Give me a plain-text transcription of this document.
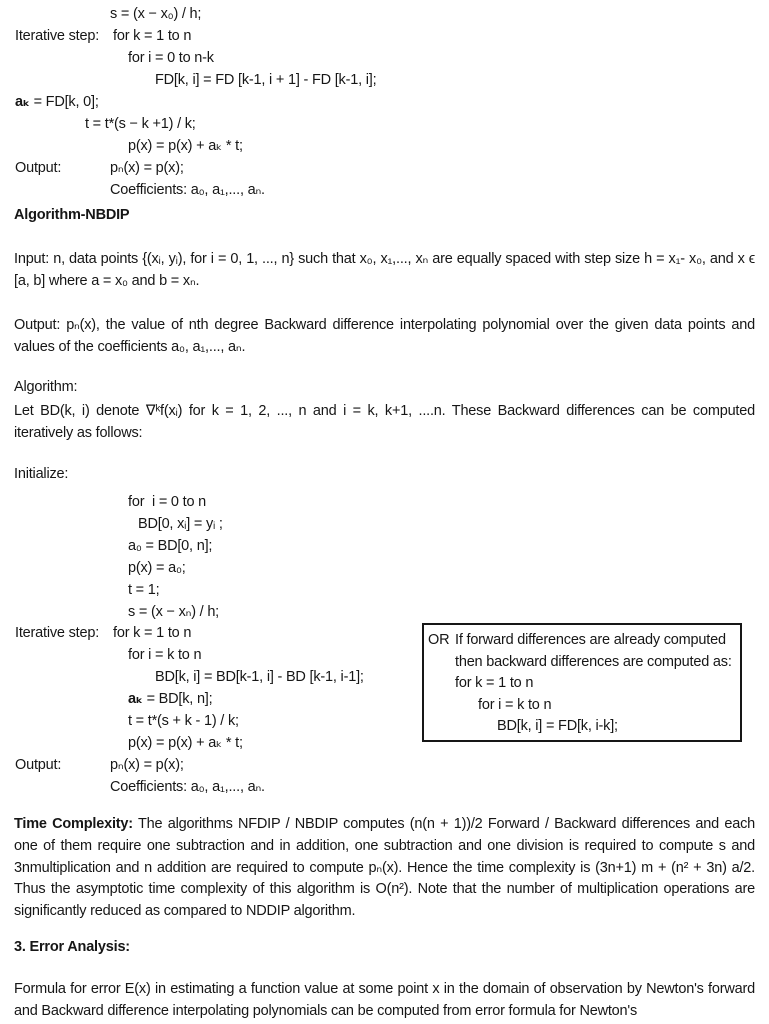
s = (x − x₀) / h;
Iterative step: for k = 1 to n
for i = 0 to n-k
FD[k, i] = FD [k-1, i + 1] - FD [k-1, i];
aₖ = FD[k, 0];
t = t*(s − k +1) / k;
p(x) = p(x) + aₖ * t;
Output:	pₙ(x) = p(x);
Coefficients: a₀, a₁,..., aₙ.
Algorithm-NBDIP
Input: n, data points {(xᵢ, yᵢ), for i = 0, 1, ..., n} such that x₀, x₁,..., xₙ are equally spaced with step size h = x₁- x₀, and x ϵ [a, b] where a = x₀ and b = xₙ.
Output: pₙ(x), the value of nth degree Backward difference interpolating polynomial over the given data points and values of the coefficients a₀, a₁,..., aₙ.
Algorithm:
Let BD(k, i) denote ∇ᵏf(xᵢ) for k = 1, 2, ..., n and i = k, k+1, ....n. These Backward differences can be computed iteratively as follows:
Initialize:
for  i = 0 to n
BD[0, xᵢ] = yᵢ ;
a₀ = BD[0, n];
p(x) = a₀;
t = 1;
s = (x − xₙ) / h;
Iterative step: for k = 1 to n
for i = k to n
BD[k, i] = BD[k-1, i] - BD [k-1, i-1];
aₖ = BD[k, n];
t = t*(s + k - 1) / k;
p(x) = p(x) + aₖ * t;
Output:	pₙ(x) = p(x);
Coefficients: a₀, a₁,..., aₙ.
OR If forward differences are already computed
then backward differences are computed as:
for k = 1 to n
for i = k to n
BD[k, i] = FD[k, i-k];
Time Complexity: The algorithms NFDIP / NBDIP computes (n(n + 1))/2 Forward / Backward differences and each one of them require one subtraction and in addition, one subtraction and one division is required to compute s and 3nmultiplication and n addition are required to compute pₙ(x). Hence the time complexity is (3n+1) m + (n² + 3n) a/2. Thus the asymptotic time complexity of this algorithm is O(n²). Note that the number of multiplication operations are significantly reduced as compared to NDDIP algorithm.
3. Error Analysis:
Formula for error E(x) in estimating a function value at some point x in the domain of observation by Newton's forward and Backward difference interpolating polynomials can be computed from error formula for Newton's
